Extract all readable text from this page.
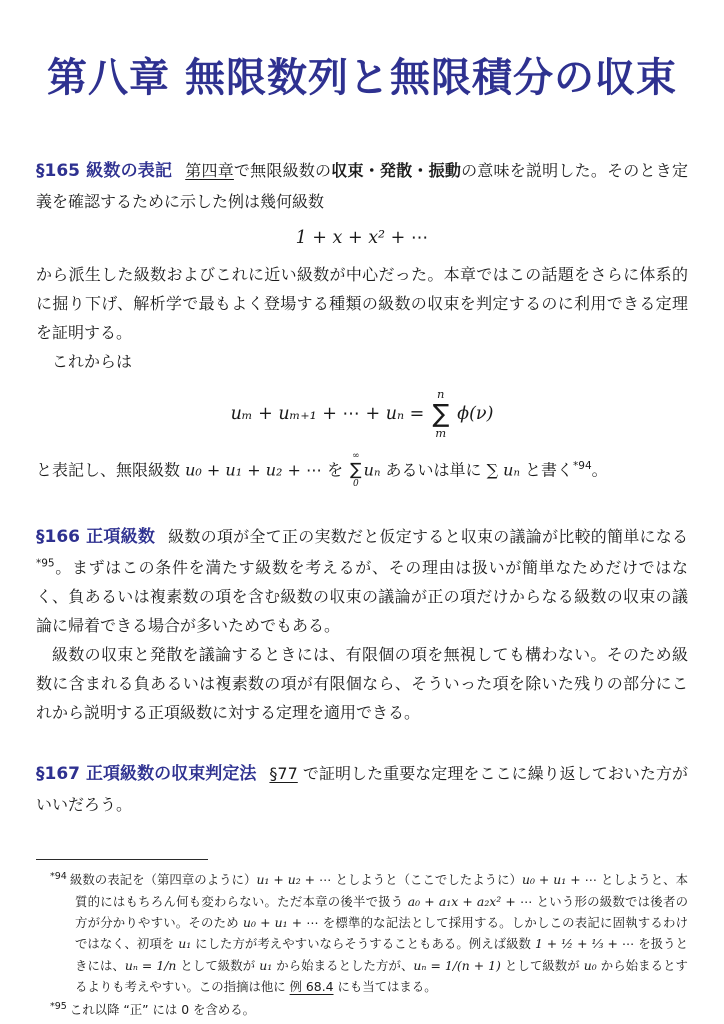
第八章 無限数列と無限積分の収束

§165 級数の表記 第四章で無限級数の収束・発散・振動の意味を説明した。そのとき定義を確認するために示した例は幾何級数

1 + x + x² + ⋯

から派生した級数およびこれに近い級数が中心だった。本章ではこの話題をさらに体系的に掘り下げ、解析学で最もよく登場する種類の級数の収束を判定するのに利用できる定理を証明する。

これからは

uₘ + uₘ₊₁ + ⋯ + uₙ =
n
∑
m
ϕ(ν)

と表記し、無限級数 u₀ + u₁ + u₂ + ⋯ を
∞
∑
0
uₙ あるいは単に ∑ uₙ と書く$^{*94}$。

§166 正項級数 級数の項が全て正の実数だと仮定すると収束の議論が比較的簡単になる$^{*95}$。まずはこの条件を満たす級数を考えるが、その理由は扱いが簡単なためだけではなく、負あるいは複素数の項を含む級数の収束の議論が正の項だけからなる級数の収束の議論に帰着できる場合が多いためでもある。

級数の収束と発散を議論するときには、有限個の項を無視しても構わない。そのため級数に含まれる負あるいは複素数の項が有限個なら、そういった項を除いた残りの部分にこれから説明する正項級数に対する定理を適用できる。

§167 正項級数の収束判定法 §77 で証明した重要な定理をここに繰り返しておいた方がいいだろう。

$^{*94}$ 級数の表記を（第四章のように）u₁ + u₂ + ⋯ としようと（ここでしたように）u₀ + u₁ + ⋯ としようと、本質的にはもちろん何も変わらない。ただ本章の後半で扱う a₀ + a₁x + a₂x² + ⋯ という形の級数では後者の方が分かりやすい。そのため u₀ + u₁ + ⋯ を標準的な記法として採用する。しかしこの表記に固執するわけではなく、初項を u₁ にした方が考えやすいならそうすることもある。例えば級数 1 + ½ + ⅓ + ⋯ を扱うときには、uₙ = 1/n として級数が u₁ から始まるとした方が、uₙ = 1/(n + 1) として級数が u₀ から始まるとするよりも考えやすい。この指摘は他に 例 68.4 にも当てはまる。
$^{*95}$ これ以降 “正” には 0 を含める。
